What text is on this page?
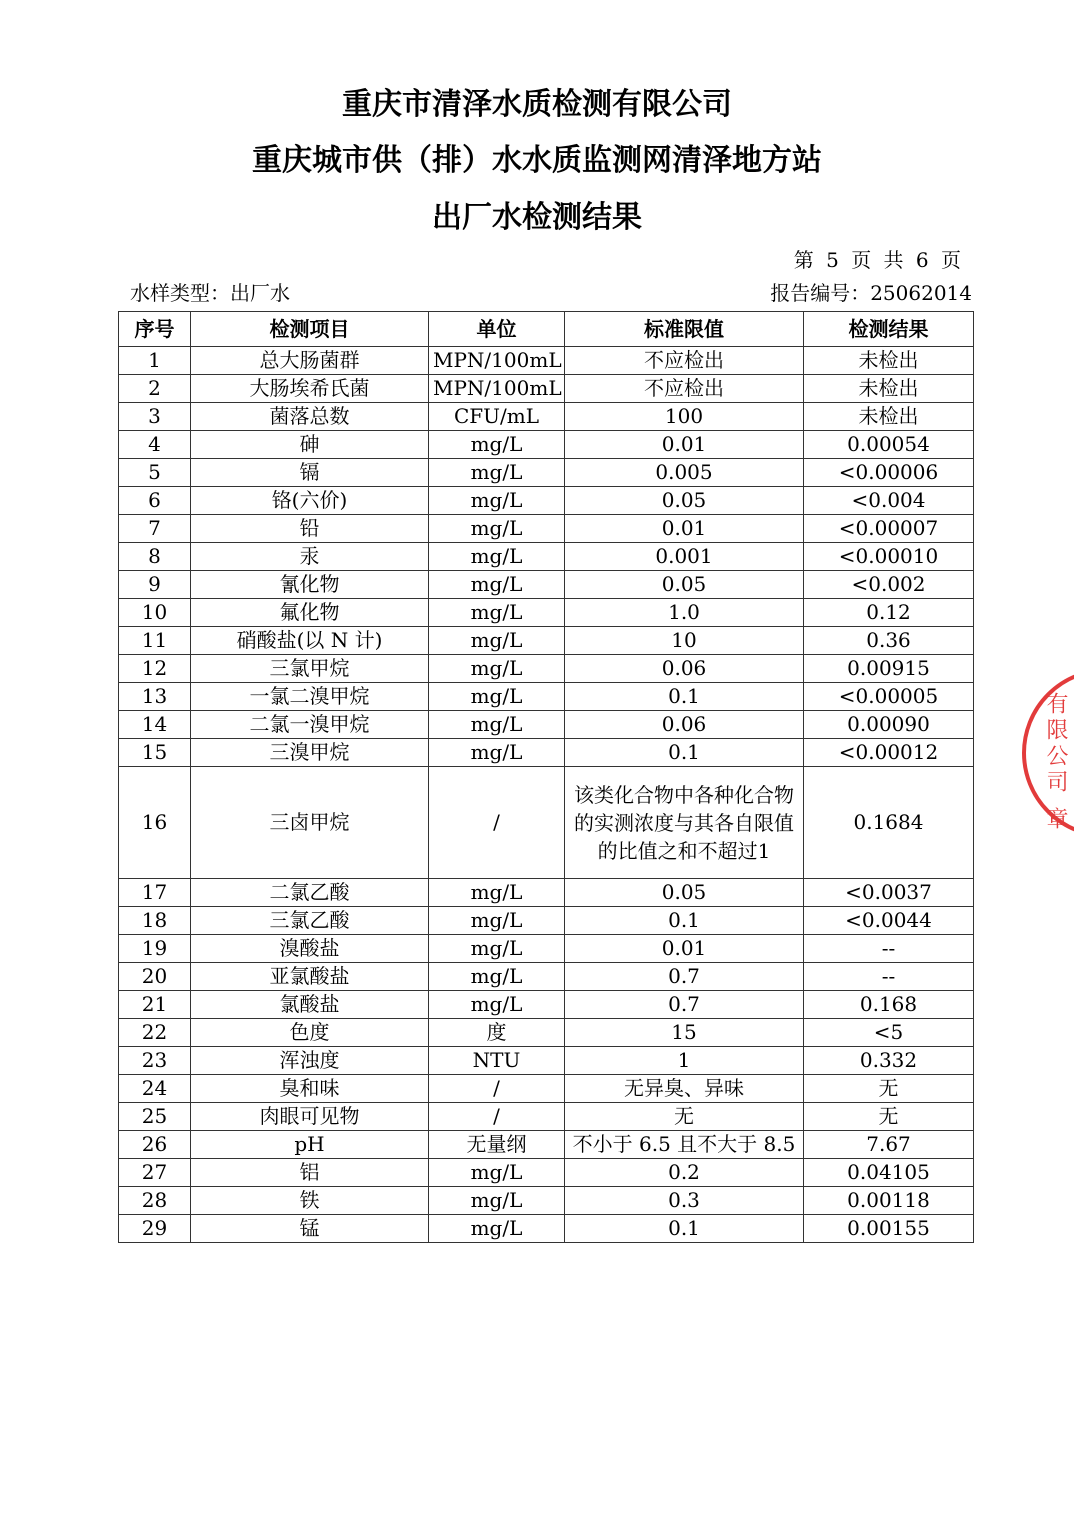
重庆市清泽水质检测有限公司
重庆城市供（排）水水质监测网清泽地方站
出厂水检测结果
第 5 页 共 6 页
水样类型：出厂水	报告编号：25062014
序号	检测项目	单位	标准限值	检测结果
1	总大肠菌群	MPN/100mL	不应检出	未检出
2	大肠埃希氏菌	MPN/100mL	不应检出	未检出
3	菌落总数	CFU/mL	100	未检出
4	砷	mg/L	0.01	0.00054
5	镉	mg/L	0.005	<0.00006
6	铬(六价)	mg/L	0.05	<0.004
7	铅	mg/L	0.01	<0.00007
8	汞	mg/L	0.001	<0.00010
9	氰化物	mg/L	0.05	<0.002
10	氟化物	mg/L	1.0	0.12
11	硝酸盐(以 N 计)	mg/L	10	0.36
12	三氯甲烷	mg/L	0.06	0.00915
13	一氯二溴甲烷	mg/L	0.1	<0.00005
14	二氯一溴甲烷	mg/L	0.06	0.00090
15	三溴甲烷	mg/L	0.1	<0.00012
16	三卤甲烷	/	该类化合物中各种化合物的实测浓度与其各自限值的比值之和不超过1	0.1684
17	二氯乙酸	mg/L	0.05	<0.0037
18	三氯乙酸	mg/L	0.1	<0.0044
19	溴酸盐	mg/L	0.01	--
20	亚氯酸盐	mg/L	0.7	--
21	氯酸盐	mg/L	0.7	0.168
22	色度	度	15	<5
23	浑浊度	NTU	1	0.332
24	臭和味	/	无异臭、异味	无
25	肉眼可见物	/	无	无
26	pH	无量纲	不小于 6.5 且不大于 8.5	7.67
27	铝	mg/L	0.2	0.04105
28	铁	mg/L	0.3	0.00118
29	锰	mg/L	0.1	0.00155
有限公司 章
